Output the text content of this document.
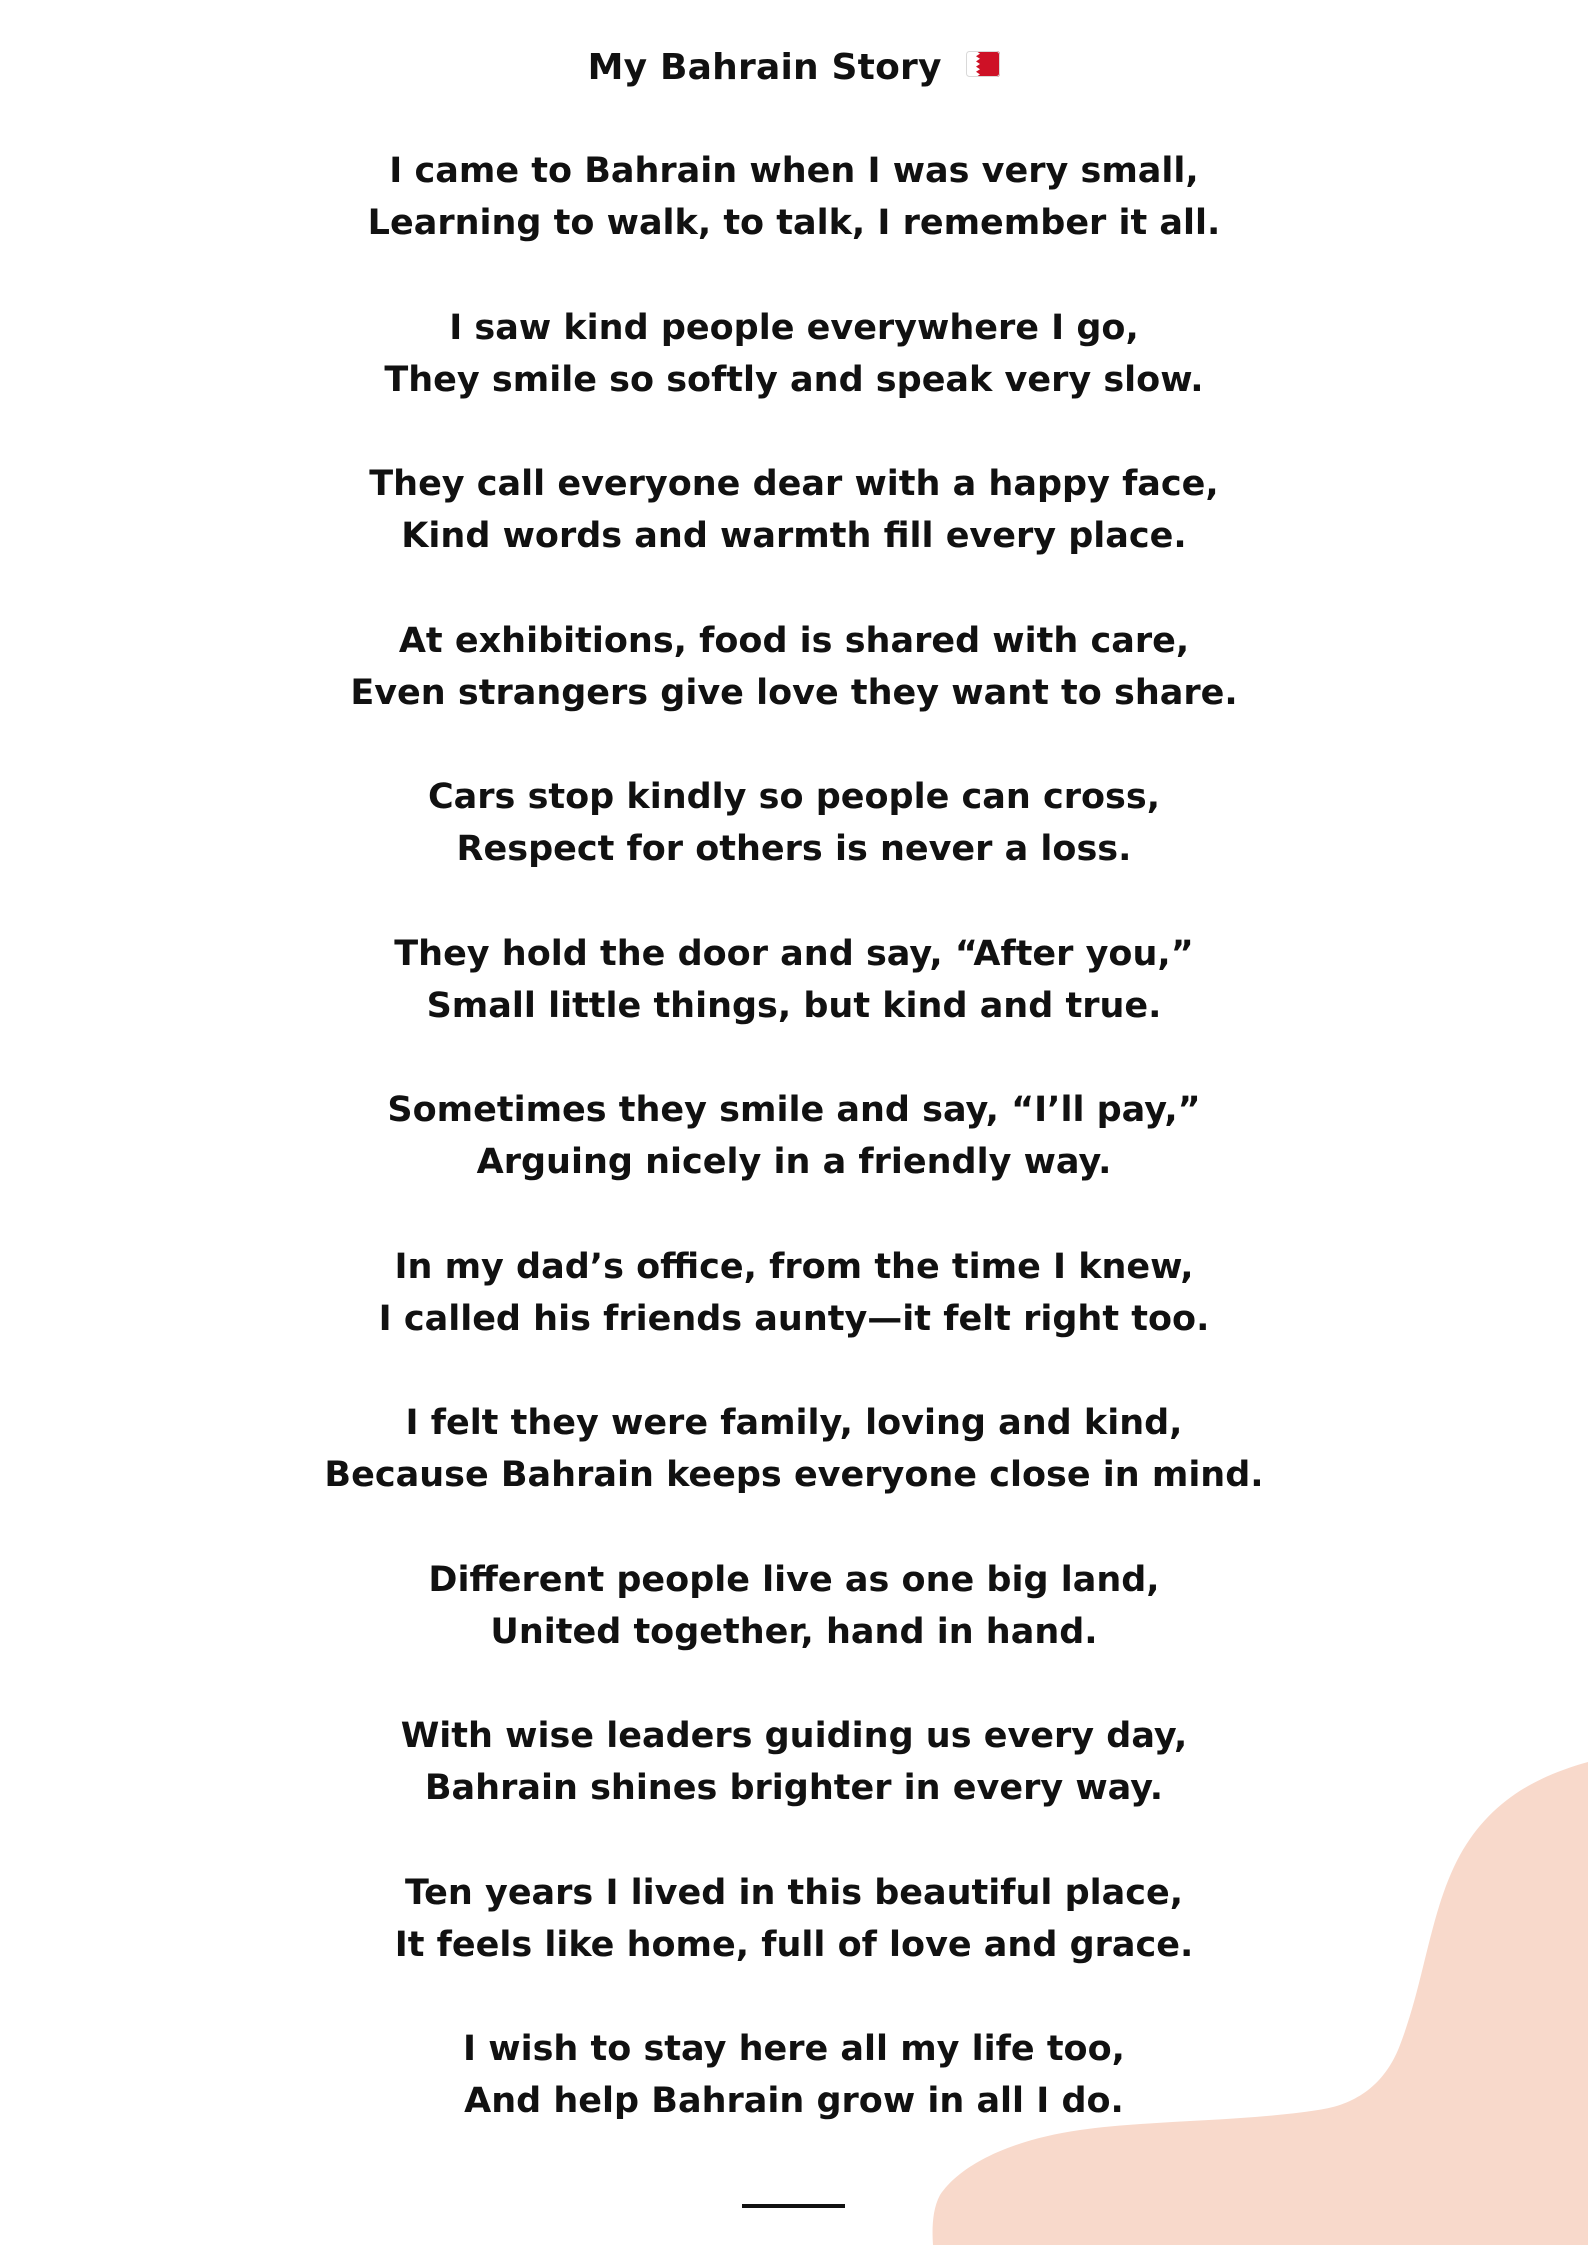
My Bahrain Story
I came to Bahrain when I was very small,
Learning to walk, to talk, I remember it all.
I saw kind people everywhere I go,
They smile so softly and speak very slow.
They call everyone dear with a happy face,
Kind words and warmth fill every place.
At exhibitions, food is shared with care,
Even strangers give love they want to share.
Cars stop kindly so people can cross,
Respect for others is never a loss.
They hold the door and say, “After you,”
Small little things, but kind and true.
Sometimes they smile and say, “I’ll pay,”
Arguing nicely in a friendly way.
In my dad’s office, from the time I knew,
I called his friends aunty—it felt right too.
I felt they were family, loving and kind,
Because Bahrain keeps everyone close in mind.
Different people live as one big land,
United together, hand in hand.
With wise leaders guiding us every day,
Bahrain shines brighter in every way.
Ten years I lived in this beautiful place,
It feels like home, full of love and grace.
I wish to stay here all my life too,
And help Bahrain grow in all I do.
